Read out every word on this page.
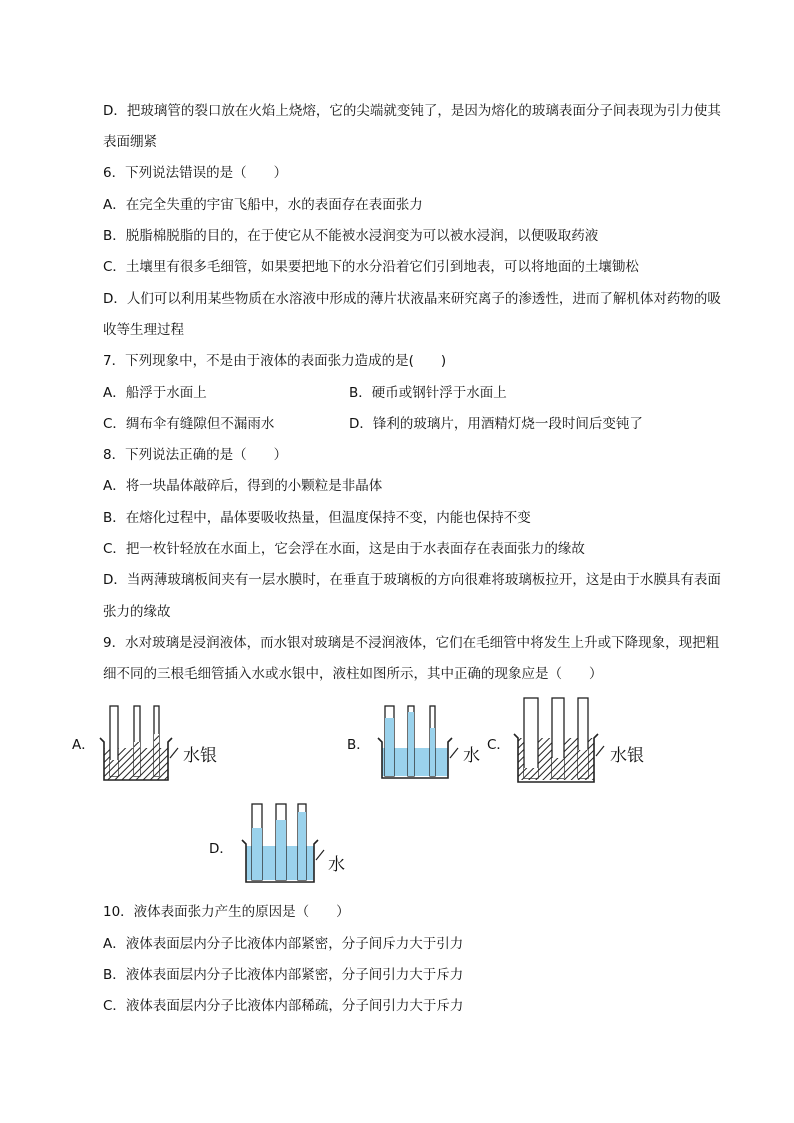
D．把玻璃管的裂口放在火焰上烧熔，它的尖端就变钝了，是因为熔化的玻璃表面分子间表现为引力使其
表面绷紧
6．下列说法错误的是（　　）
A．在完全失重的宇宙飞船中，水的表面存在表面张力
B．脱脂棉脱脂的目的，在于使它从不能被水浸润变为可以被水浸润，以便吸取药液
C．土壤里有很多毛细管，如果要把地下的水分沿着它们引到地表，可以将地面的土壤锄松
D．人们可以利用某些物质在水溶液中形成的薄片状液晶来研究离子的渗透性，进而了解机体对药物的吸
收等生理过程
7．下列现象中，不是由于液体的表面张力造成的是(　　)
A．船浮于水面上	B．硬币或钢针浮于水面上
C．绸布伞有缝隙但不漏雨水	D．锋利的玻璃片，用酒精灯烧一段时间后变钝了
8．下列说法正确的是（　　）
A．将一块晶体敲碎后，得到的小颗粒是非晶体
B．在熔化过程中，晶体要吸收热量，但温度保持不变，内能也保持不变
C．把一枚针轻放在水面上，它会浮在水面，这是由于水表面存在表面张力的缘故
D．当两薄玻璃板间夹有一层水膜时，在垂直于玻璃板的方向很难将玻璃板拉开，这是由于水膜具有表面
张力的缘故
9．水对玻璃是浸润液体，而水银对玻璃是不浸润液体，它们在毛细管中将发生上升或下降现象，现把粗
细不同的三根毛细管插入水或水银中，液柱如图所示，其中正确的现象应是（　　）
A．
水银
B．
水
C．
水银
D．
水
10．液体表面张力产生的原因是（　　）
A．液体表面层内分子比液体内部紧密，分子间斥力大于引力
B．液体表面层内分子比液体内部紧密，分子间引力大于斥力
C．液体表面层内分子比液体内部稀疏，分子间引力大于斥力
